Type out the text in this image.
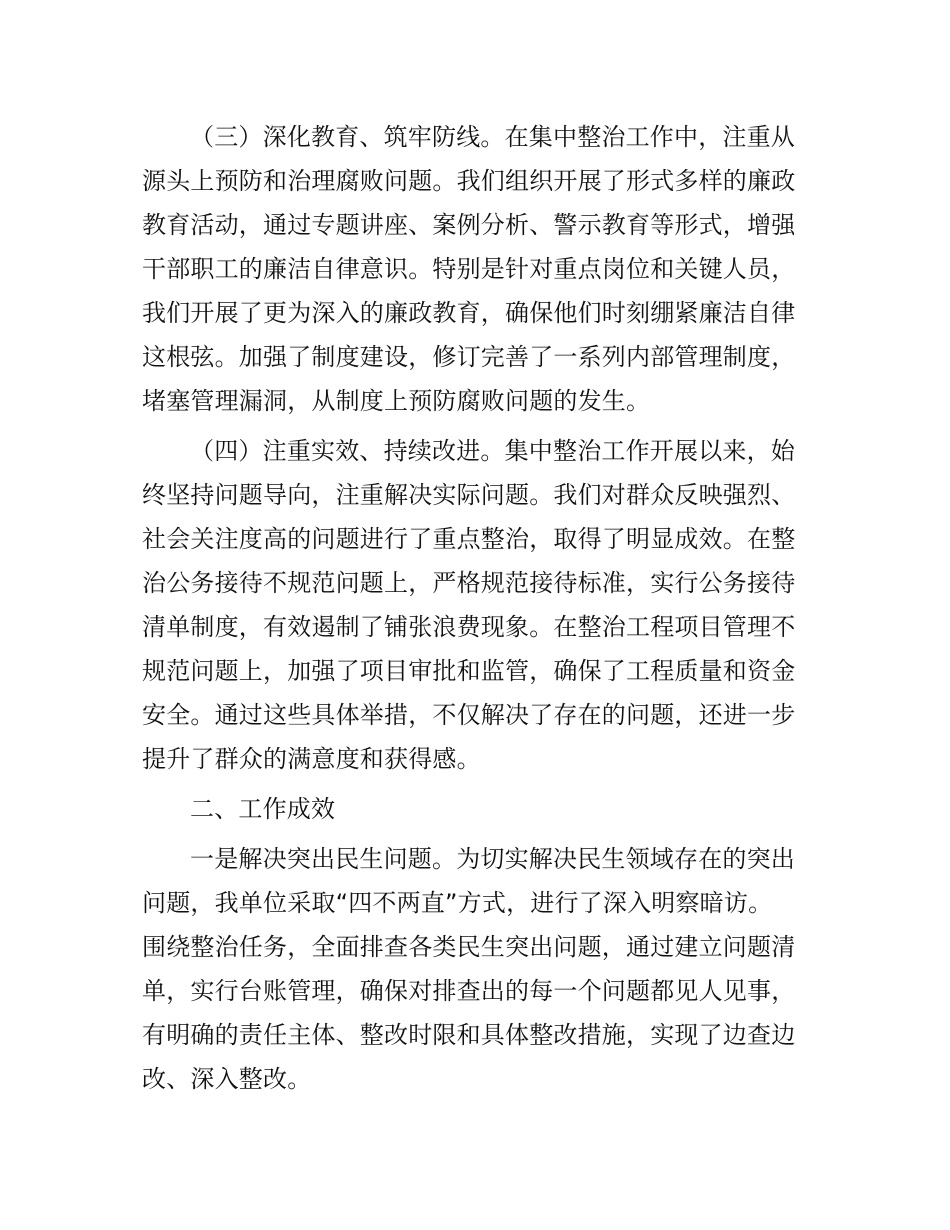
（三）深化教育、筑牢防线。在集中整治工作中，注重从
源头上预防和治理腐败问题。我们组织开展了形式多样的廉政
教育活动，通过专题讲座、案例分析、警示教育等形式，增强
干部职工的廉洁自律意识。特别是针对重点岗位和关键人员，
我们开展了更为深入的廉政教育，确保他们时刻绷紧廉洁自律
这根弦。加强了制度建设，修订完善了一系列内部管理制度，
堵塞管理漏洞，从制度上预防腐败问题的发生。
（四）注重实效、持续改进。集中整治工作开展以来，始
终坚持问题导向，注重解决实际问题。我们对群众反映强烈、
社会关注度高的问题进行了重点整治，取得了明显成效。在整
治公务接待不规范问题上，严格规范接待标准，实行公务接待
清单制度，有效遏制了铺张浪费现象。在整治工程项目管理不
规范问题上，加强了项目审批和监管，确保了工程质量和资金
安全。通过这些具体举措，不仅解决了存在的问题，还进一步
提升了群众的满意度和获得感。
二、工作成效
一是解决突出民生问题。为切实解决民生领域存在的突出
问题，我单位采取“四不两直”方式，进行了深入明察暗访。
围绕整治任务，全面排查各类民生突出问题，通过建立问题清
单，实行台账管理，确保对排查出的每一个问题都见人见事，
有明确的责任主体、整改时限和具体整改措施，实现了边查边
改、深入整改。
